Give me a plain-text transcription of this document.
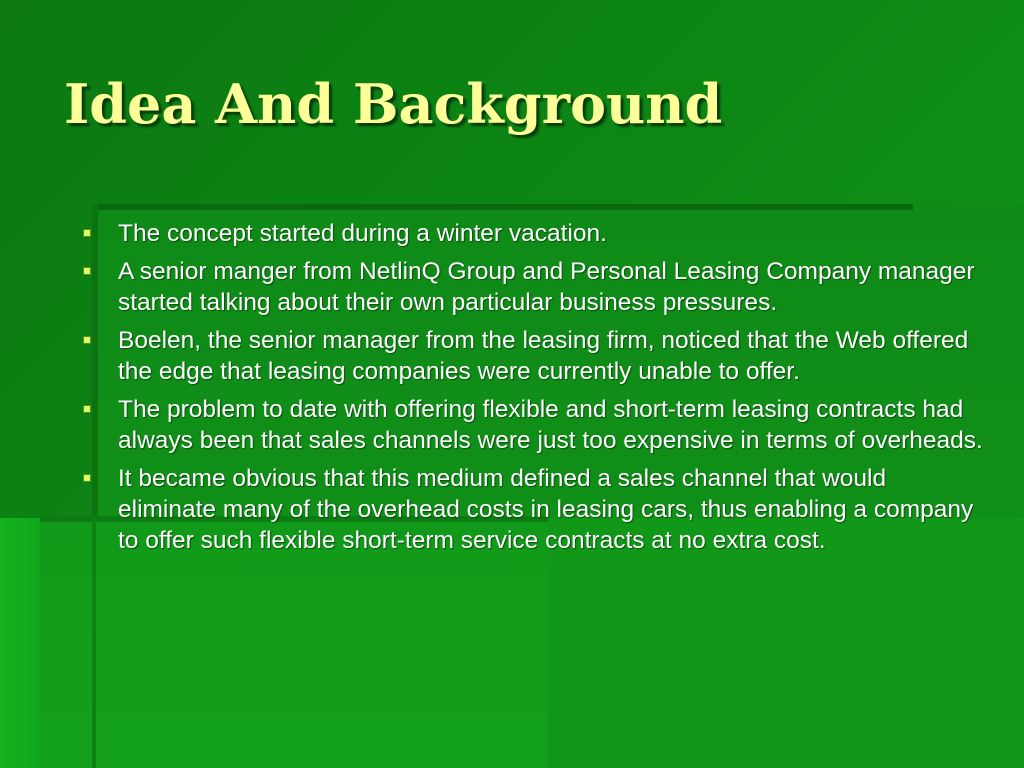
Idea And Background
The concept started during a winter vacation.
A senior manger from NetlinQ Group and Personal Leasing Company manager started talking about their own particular business pressures.
Boelen, the senior manager from the leasing firm, noticed that the Web offered the edge that leasing companies were currently unable to offer.
The problem to date with offering flexible and short-term leasing contracts had always been that sales channels were just too expensive in terms of overheads.
It became obvious that this medium defined a sales channel that would eliminate many of the overhead costs in leasing cars, thus enabling a company to offer such flexible short-term service contracts at no extra cost.
